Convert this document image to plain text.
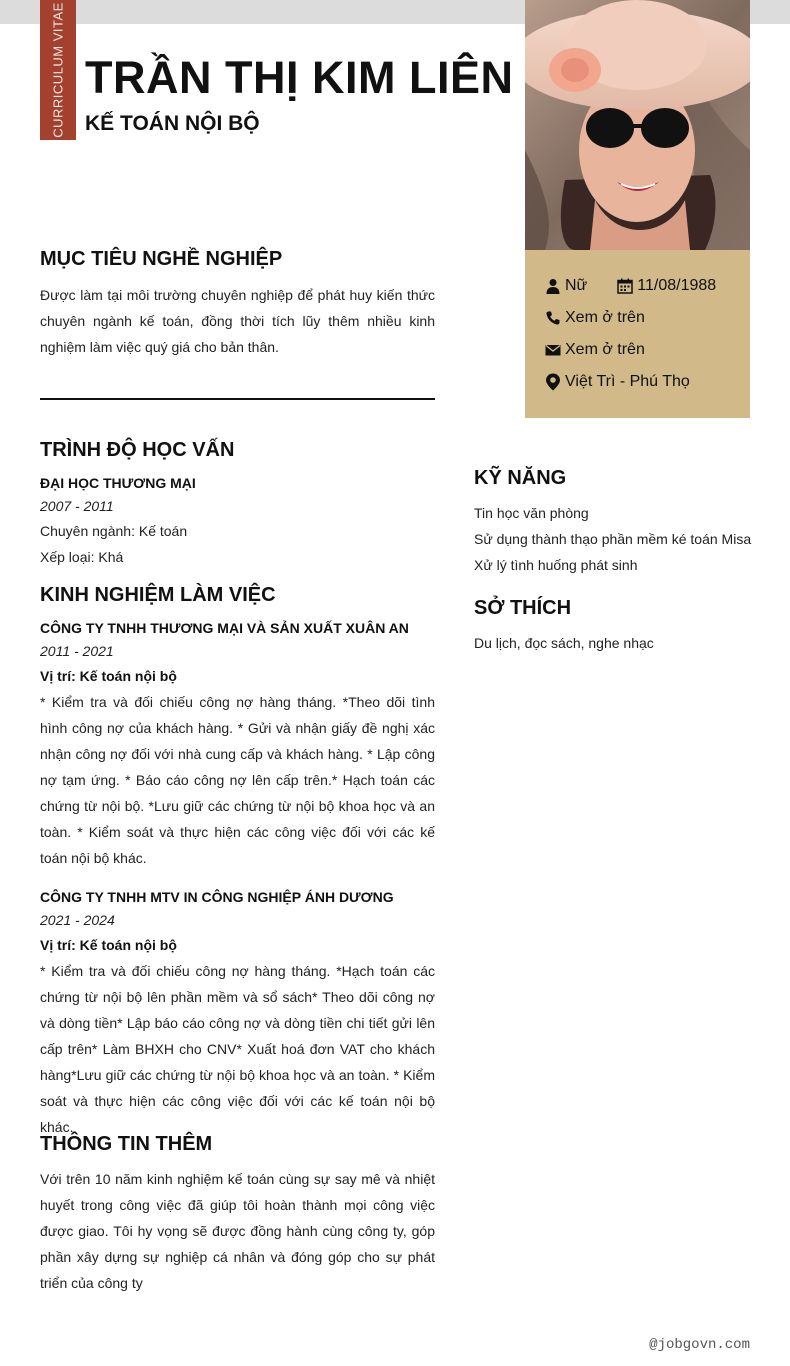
CURRICULUM VITAE TRẦN THỊ KIM LIÊN
KẾ TOÁN NỘI BỘ
Nữ	11/08/1988
Xem ở trên
Xem ở trên
Việt Trì - Phú Thọ
MỤC TIÊU NGHỀ NGHIỆP
Được làm tại môi trường chuyên nghiệp để phát huy kiến thức chuyên ngành kế toán, đồng thời tích lũy thêm nhiều kinh nghiệm làm việc quý giá cho bản thân.
TRÌNH ĐỘ HỌC VẤN
ĐẠI HỌC THƯƠNG MẠI
2007 - 2011
Chuyên ngành: Kế toán
Xếp loại: Khá
KINH NGHIỆM LÀM VIỆC
CÔNG TY TNHH THƯƠNG MẠI VÀ SẢN XUẤT XUÂN AN
2011 - 2021
Vị trí: Kế toán nội bộ
* Kiểm tra và đối chiếu công nợ hàng tháng. *Theo dõi tình hình công nợ của khách hàng. * Gửi và nhận giấy đề nghị xác nhận công nợ đối với nhà cung cấp và khách hàng. * Lập công nợ tạm ứng. * Báo cáo công nợ lên cấp trên.* Hạch toán các chứng từ nội bộ. *Lưu giữ các chứng từ nội bộ khoa học và an toàn. * Kiểm soát và thực hiện các công việc đối với các kế toán nội bộ khác.
CÔNG TY TNHH MTV IN CÔNG NGHIỆP ÁNH DƯƠNG
2021 - 2024
Vị trí: Kế toán nội bộ
* Kiểm tra và đối chiếu công nợ hàng tháng. *Hạch toán các chứng từ nội bộ lên phần mềm và sổ sách* Theo dõi công nợ và dòng tiền* Lập báo cáo công nợ và dòng tiền chi tiết gửi lên cấp trên* Làm BHXH cho CNV* Xuất hoá đơn VAT cho khách hàng*Lưu giữ các chứng từ nội bộ khoa học và an toàn. * Kiểm soát và thực hiện các công việc đối với các kế toán nội bộ khác.
THÔNG TIN THÊM
Với trên 10 năm kinh nghiệm kế toán cùng sự say mê và nhiệt huyết trong công việc đã giúp tôi hoàn thành mọi công việc được giao. Tôi hy vọng sẽ được đồng hành cùng công ty, góp phần xây dựng sự nghiệp cá nhân và đóng góp cho sự phát triển của công ty
KỸ NĂNG
Tin học văn phòng
Sử dụng thành thạo phần mềm ké toán Misa
Xử lý tình huống phát sinh
SỞ THÍCH
Du lịch, đọc sách, nghe nhạc
@jobgovn.com
